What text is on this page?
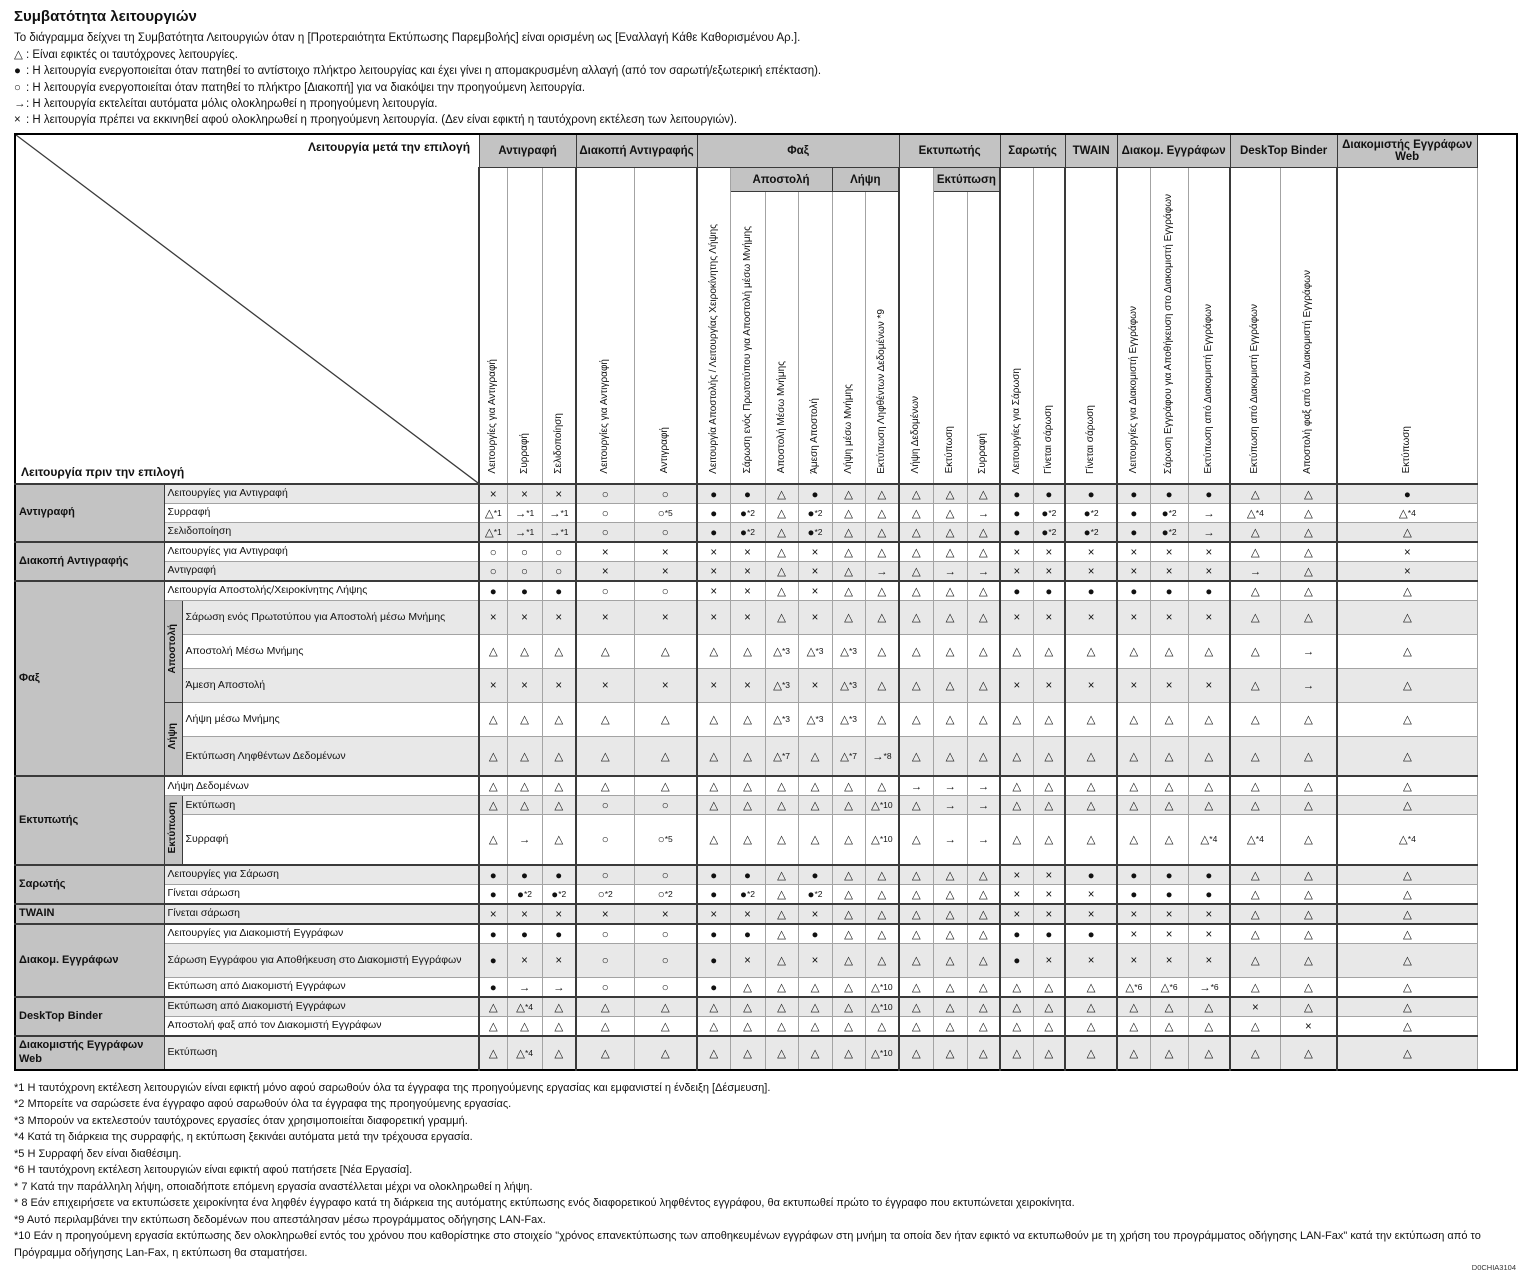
Συμβατότητα λειτουργιών

Το διάγραμμα δείχνει τη Συμβατότητα Λειτουργιών όταν η [Προτεραιότητα Εκτύπωσης Παρεμβολής] είναι ορισμένη ως [Εναλλαγή Κάθε Καθορισμένου Αρ.].

△ : Είναι εφικτές οι ταυτόχρονες λειτουργίες.
● : Η λειτουργία ενεργοποιείται όταν πατηθεί το αντίστοιχο πλήκτρο λειτουργίας και έχει γίνει η απομακρυσμένη αλλαγή (από τον σαρωτή/εξωτερική επέκταση).
○ : Η λειτουργία ενεργοποιείται όταν πατηθεί το πλήκτρο [Διακοπή] για να διακόψει την προηγούμενη λειτουργία.
→ : Η λειτουργία εκτελείται αυτόματα μόλις ολοκληρωθεί η προηγούμενη λειτουργία.
× : Η λειτουργία πρέπει να εκκινηθεί αφού ολοκληρωθεί η προηγούμενη λειτουργία. (Δεν είναι εφικτή η ταυτόχρονη εκτέλεση των λειτουργιών).
Λειτουργία μετά την επιλογή
Λειτουργία πριν την επιλογή			Αντιγραφή			Διακοπή Αντιγραφής		Φαξ						Εκτυπωτής			Σαρωτής		TWAIN	Διακομ. Εγγράφων			DeskTop Binder		Διακομιστής Εγγράφων Web	
			Λειτουργίες για Αντιγραφή	Συρραφή	Σελιδοποίηση	Λειτουργίες για Αντιγραφή	Αντιγραφή	Λειτουργία Αποστολής / Λειτουργίας Χειροκίνητης Λήψης	Αποστολή			Λήψη		Λήψη Δεδομένων	Εκτύπωση		Λειτουργίες για Σάρωση	Γίνεται σάρωση	Γίνεται σάρωση	Λειτουργίες για Διακομιστή Εγγράφων	Σάρωση Εγγράφου για Αποθήκευση στο Διακομιστή Εγγράφων	Εκτύπωση από Διακομιστή Εγγράφων	Εκτύπωση από Διακομιστή Εγγράφων	Αποστολή φαξ από τον Διακομιστή Εγγράφων	Εκτύπωση	
									Σάρωση ενός Πρωτοτύπου για Αποστολή μέσω Μνήμης	Αποστολή Μέσω Μνήμης	Άμεση Αποστολή	Λήψη μέσω Μνήμης	Εκτύπωση Ληφθέντων Δεδομένων *9		Εκτύπωση	Συρραφή										
Αντιγραφή	Λειτουργίες για Αντιγραφή		×	×	×	○	○	●	●	△	●	△	△	△	△	△	●	●	●	●	●	●	△	△	●	
	Συρραφή		△*1	→*1	→*1	○	○*5	●	●*2	△	●*2	△	△	△	△	→	●	●*2	●*2	●	●*2	→	△*4	△	△*4	
	Σελιδοποίηση		△*1	→*1	→*1	○	○	●	●*2	△	●*2	△	△	△	△	△	●	●*2	●*2	●	●*2	→	△	△	△	
Διακοπή Αντιγραφής	Λειτουργίες για Αντιγραφή		○	○	○	×	×	×	×	△	×	△	△	△	△	△	×	×	×	×	×	×	△	△	×	
	Αντιγραφή		○	○	○	×	×	×	×	△	×	△	→	△	→	→	×	×	×	×	×	×	→	△	×	
Φαξ	Λειτουργία Αποστολής/Χειροκίνητης Λήψης		●	●	●	○	○	×	×	△	×	△	△	△	△	△	●	●	●	●	●	●	△	△	△	
	Αποστολή	Σάρωση ενός Πρωτοτύπου για Αποστολή μέσω Μνήμης	×	×	×	×	×	×	×	△	×	△	△	△	△	△	×	×	×	×	×	×	△	△	△	
		Αποστολή Μέσω Μνήμης	△	△	△	△	△	△	△	△*3	△*3	△*3	△	△	△	△	△	△	△	△	△	△	△	→	△	
		Άμεση Αποστολή	×	×	×	×	×	×	×	△*3	×	△*3	△	△	△	△	×	×	×	×	×	×	△	→	△	
	Λήψη	Λήψη μέσω Μνήμης	△	△	△	△	△	△	△	△*3	△*3	△*3	△	△	△	△	△	△	△	△	△	△	△	△	△	
		Εκτύπωση Ληφθέντων Δεδομένων	△	△	△	△	△	△	△	△*7	△	△*7	→*8	△	△	△	△	△	△	△	△	△	△	△	△	
Εκτυπωτής	Λήψη Δεδομένων		△	△	△	△	△	△	△	△	△	△	△	→	→	→	△	△	△	△	△	△	△	△	△	
	Εκτύπωση	Εκτύπωση	△	△	△	○	○	△	△	△	△	△	△*10	△	→	→	△	△	△	△	△	△	△	△	△	
		Συρραφή	△	→	△	○	○*5	△	△	△	△	△	△*10	△	→	→	△	△	△	△	△	△*4	△*4	△	△*4	
Σαρωτής	Λειτουργίες για Σάρωση		●	●	●	○	○	●	●	△	●	△	△	△	△	△	×	×	●	●	●	●	△	△	△	
	Γίνεται σάρωση		●	●*2	●*2	○*2	○*2	●	●*2	△	●*2	△	△	△	△	△	×	×	×	●	●	●	△	△	△	
TWAIN	Γίνεται σάρωση		×	×	×	×	×	×	×	△	×	△	△	△	△	△	×	×	×	×	×	×	△	△	△	
Διακομ. Εγγράφων	Λειτουργίες για Διακομιστή Εγγράφων		●	●	●	○	○	●	●	△	●	△	△	△	△	△	●	●	●	×	×	×	△	△	△	
	Σάρωση Εγγράφου για Αποθήκευση στο Διακομιστή Εγγράφων		●	×	×	○	○	●	×	△	×	△	△	△	△	△	●	×	×	×	×	×	△	△	△	
	Εκτύπωση από Διακομιστή Εγγράφων		●	→	→	○	○	●	△	△	△	△	△*10	△	△	△	△	△	△	△*6	△*6	→*6	△	△	△	
DeskTop Binder	Εκτύπωση από Διακομιστή Εγγράφων		△	△*4	△	△	△	△	△	△	△	△	△*10	△	△	△	△	△	△	△	△	△	×	△	△	
	Αποστολή φαξ από τον Διακομιστή Εγγράφων		△	△	△	△	△	△	△	△	△	△	△	△	△	△	△	△	△	△	△	△	△	×	△	
Διακομιστής Εγγράφων Web	Εκτύπωση		△	△*4	△	△	△	△	△	△	△	△	△*10	△	△	△	△	△	△	△	△	△	△	△	△	
*1 Η ταυτόχρονη εκτέλεση λειτουργιών είναι εφικτή μόνο αφού σαρωθούν όλα τα έγγραφα της προηγούμενης εργασίας και εμφανιστεί η ένδειξη [Δέσμευση].
*2 Μπορείτε να σαρώσετε ένα έγγραφο αφού σαρωθούν όλα τα έγγραφα της προηγούμενης εργασίας.
*3 Μπορούν να εκτελεστούν ταυτόχρονες εργασίες όταν χρησιμοποιείται διαφορετική γραμμή.
*4 Κατά τη διάρκεια της συρραφής, η εκτύπωση ξεκινάει αυτόματα μετά την τρέχουσα εργασία.
*5 Η Συρραφή δεν είναι διαθέσιμη.
*6 Η ταυτόχρονη εκτέλεση λειτουργιών είναι εφικτή αφού πατήσετε [Νέα Εργασία].
* 7 Κατά την παράλληλη λήψη, οποιαδήποτε επόμενη εργασία αναστέλλεται μέχρι να ολοκληρωθεί η λήψη.
* 8 Εάν επιχειρήσετε να εκτυπώσετε χειροκίνητα ένα ληφθέν έγγραφο κατά τη διάρκεια της αυτόματης εκτύπωσης ενός διαφορετικού ληφθέντος εγγράφου, θα εκτυπωθεί πρώτο το έγγραφο που εκτυπώνεται χειροκίνητα.
*9 Αυτό περιλαμβάνει την εκτύπωση δεδομένων που απεστάλησαν μέσω προγράμματος οδήγησης LAN-Fax.
*10 Εάν η προηγούμενη εργασία εκτύπωσης δεν ολοκληρωθεί εντός του χρόνου που καθορίστηκε στο στοιχείο "χρόνος επανεκτύπωσης των αποθηκευμένων εγγράφων στη μνήμη τα οποία δεν ήταν εφικτό να εκτυπωθούν με τη χρήση του προγράμματος οδήγησης LAN-Fax" κατά την εκτύπωση από το Πρόγραμμα οδήγησης Lan-Fax, η εκτύπωση θα σταματήσει.
D0CHIA3104
